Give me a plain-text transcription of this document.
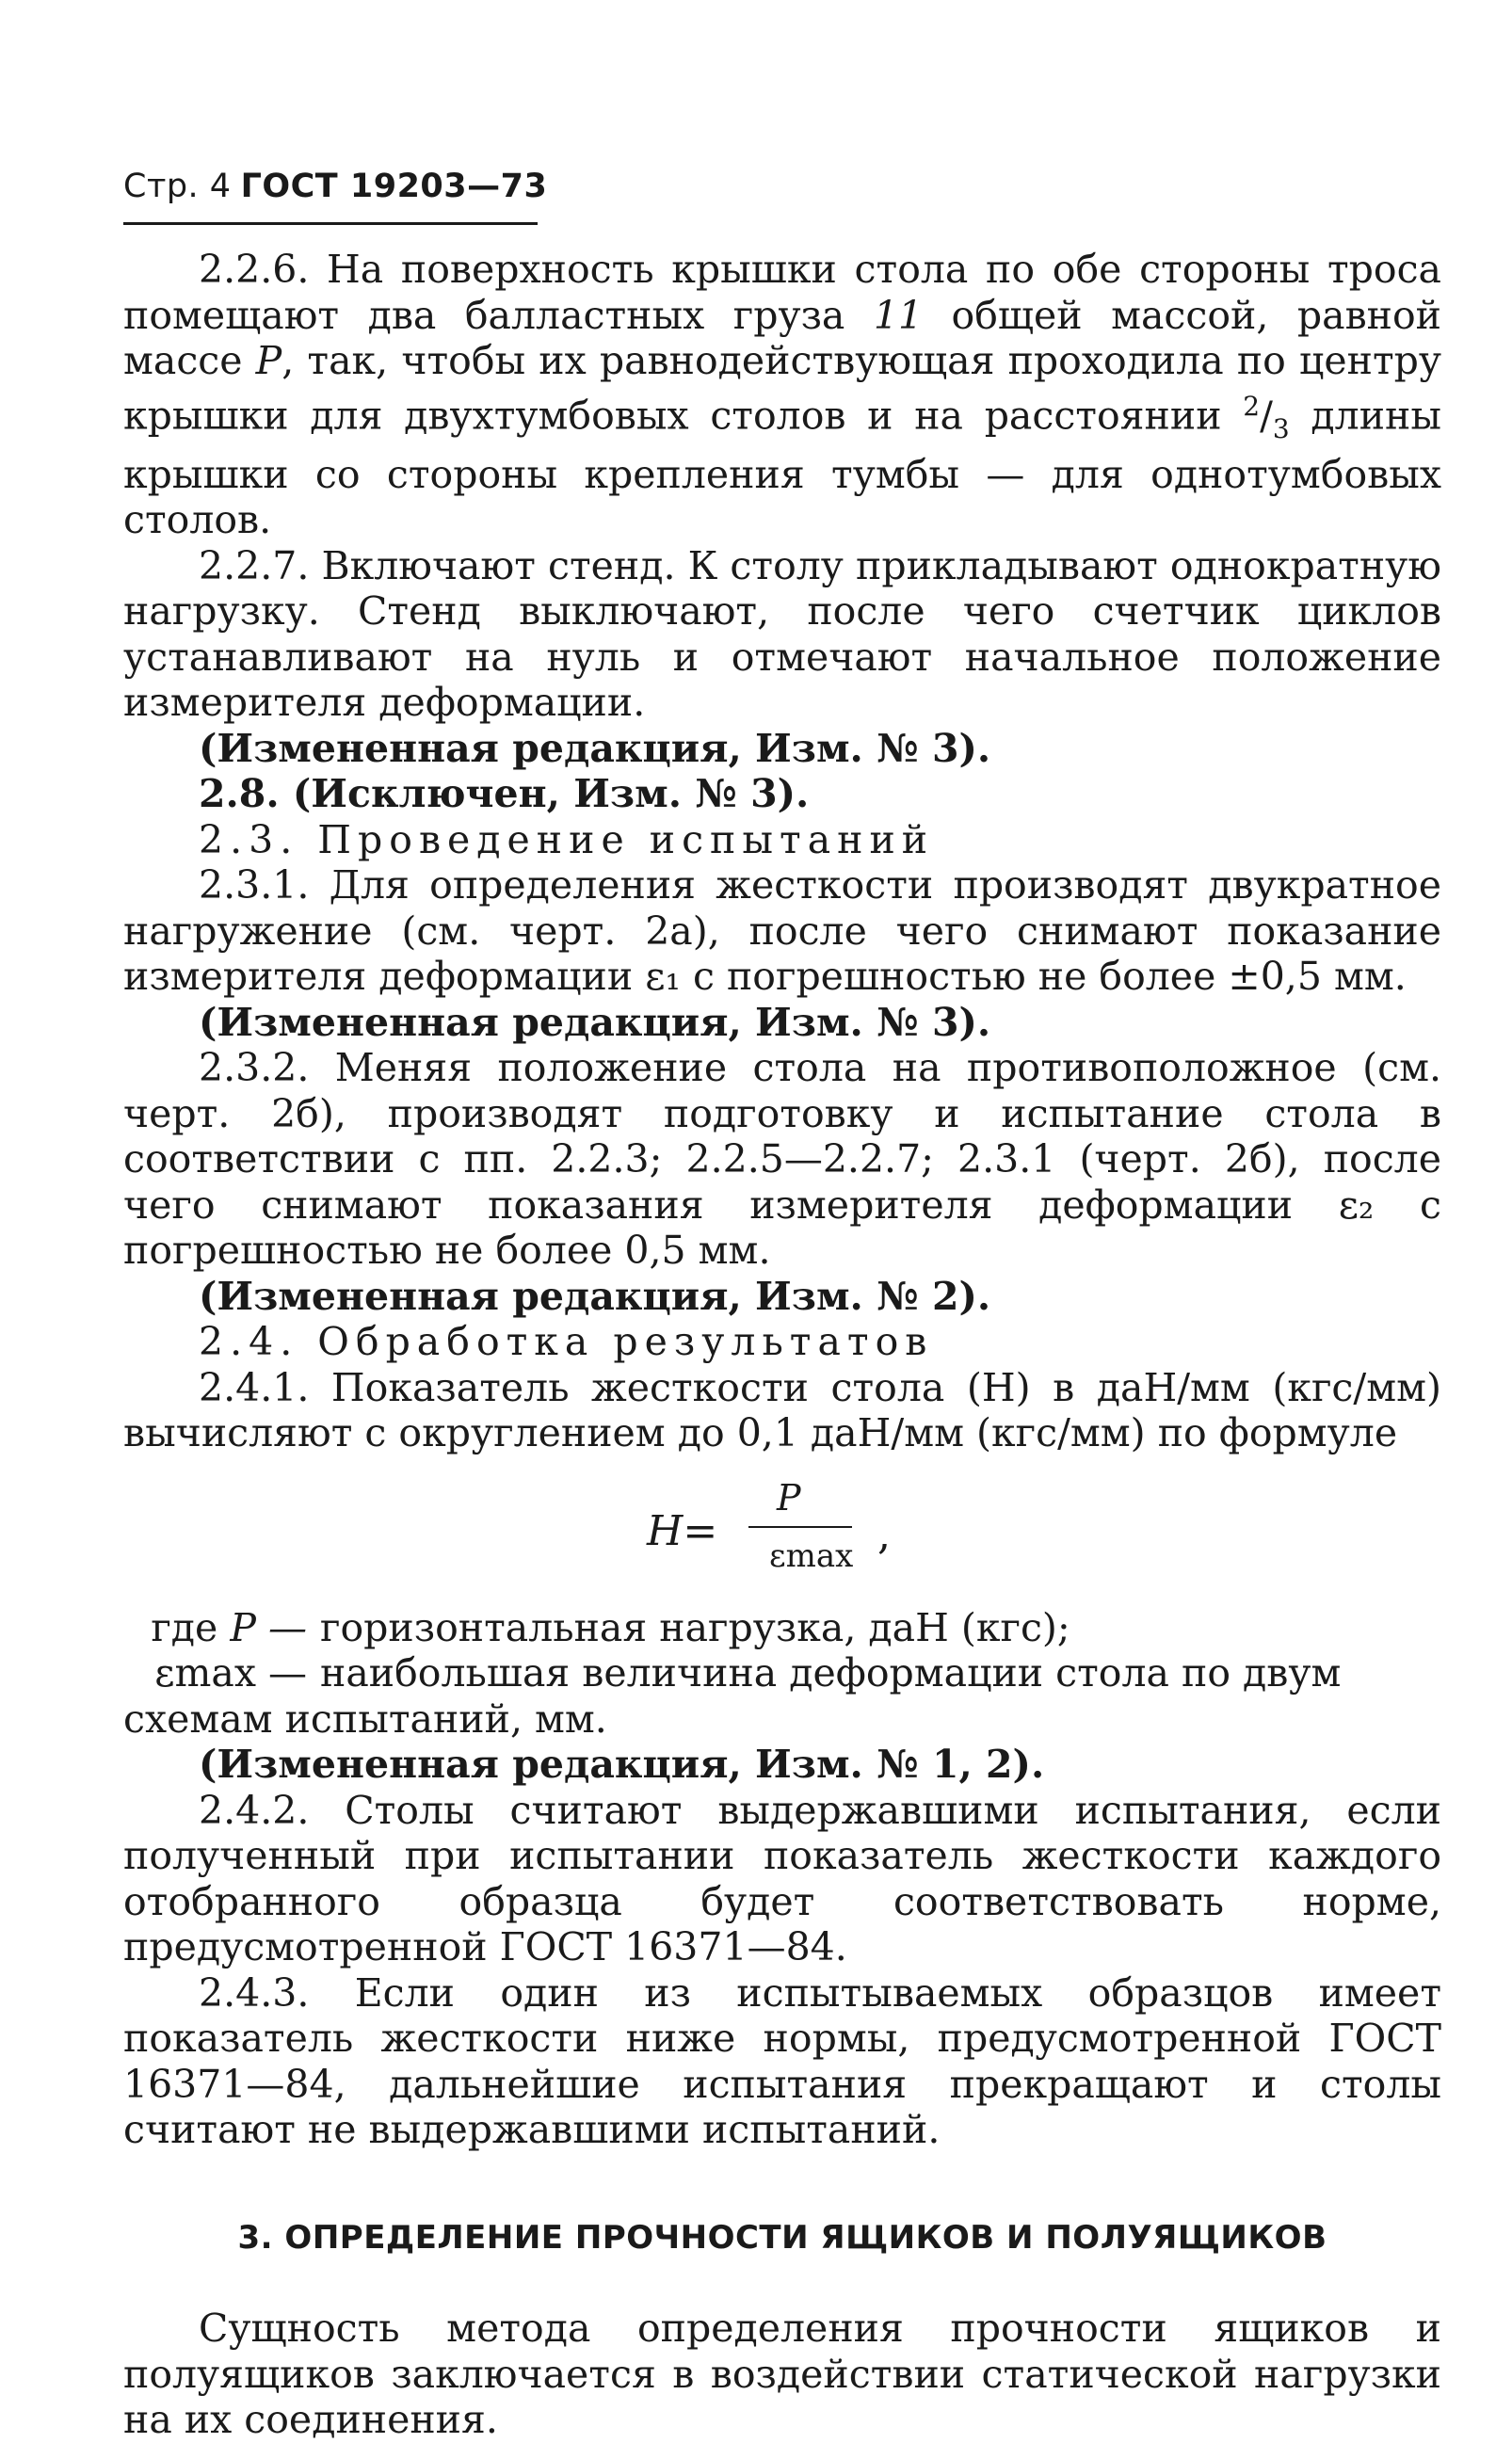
Стр. 4 ГОСТ 19203—73

2.2.6. На поверхность крышки стола по обе стороны троса помещают два балластных груза 11 общей массой, равной массе P, так, чтобы их равнодействующая проходила по центру крышки для двухтумбовых столов и на расстоянии $^2/_3$ длины крышки со стороны крепления тумбы — для однотумбовых столов.

2.2.7. Включают стенд. К столу прикладывают однократную нагрузку. Стенд выключают, после чего счетчик циклов устанавливают на нуль и отмечают начальное положение измерителя деформации.

(Измененная редакция, Изм. № 3).

2.8. (Исключен, Изм. № 3).

2.3. Проведение испытаний

2.3.1. Для определения жесткости производят двукратное нагружение (см. черт. 2а), после чего снимают показание измерителя деформации ε₁ с погрешностью не более ±0,5 мм.

(Измененная редакция, Изм. № 3).

2.3.2. Меняя положение стола на противоположное (см. черт. 2б), производят подготовку и испытание стола в соответствии с пп. 2.2.3; 2.2.5—2.2.7; 2.3.1 (черт. 2б), после чего снимают показания измерителя деформации ε₂ с погрешностью не более 0,5 мм.

(Измененная редакция, Изм. № 2).

2.4. Обработка результатов

2.4.1. Показатель жесткости стола (Н) в даН/мм (кгс/мм) вычисляют с округлением до 0,1 даН/мм (кгс/мм) по формуле

H=
P
εmax ,

где P — горизонтальная нагрузка, даН (кгс);

εmax — наибольшая величина деформации стола по двум схемам испытаний, мм.

(Измененная редакция, Изм. № 1, 2).

2.4.2. Столы считают выдержавшими испытания, если полученный при испытании показатель жесткости каждого отобранного образца будет соответствовать норме, предусмотренной ГОСТ 16371—84.

2.4.3. Если один из испытываемых образцов имеет показатель жесткости ниже нормы, предусмотренной ГОСТ 16371—84, дальнейшие испытания прекращают и столы считают не выдержавшими испытаний.

3. ОПРЕДЕЛЕНИЕ ПРОЧНОСТИ ЯЩИКОВ И ПОЛУЯЩИКОВ

Сущность метода определения прочности ящиков и полуящиков заключается в воздействии статической нагрузки на их соединения.
